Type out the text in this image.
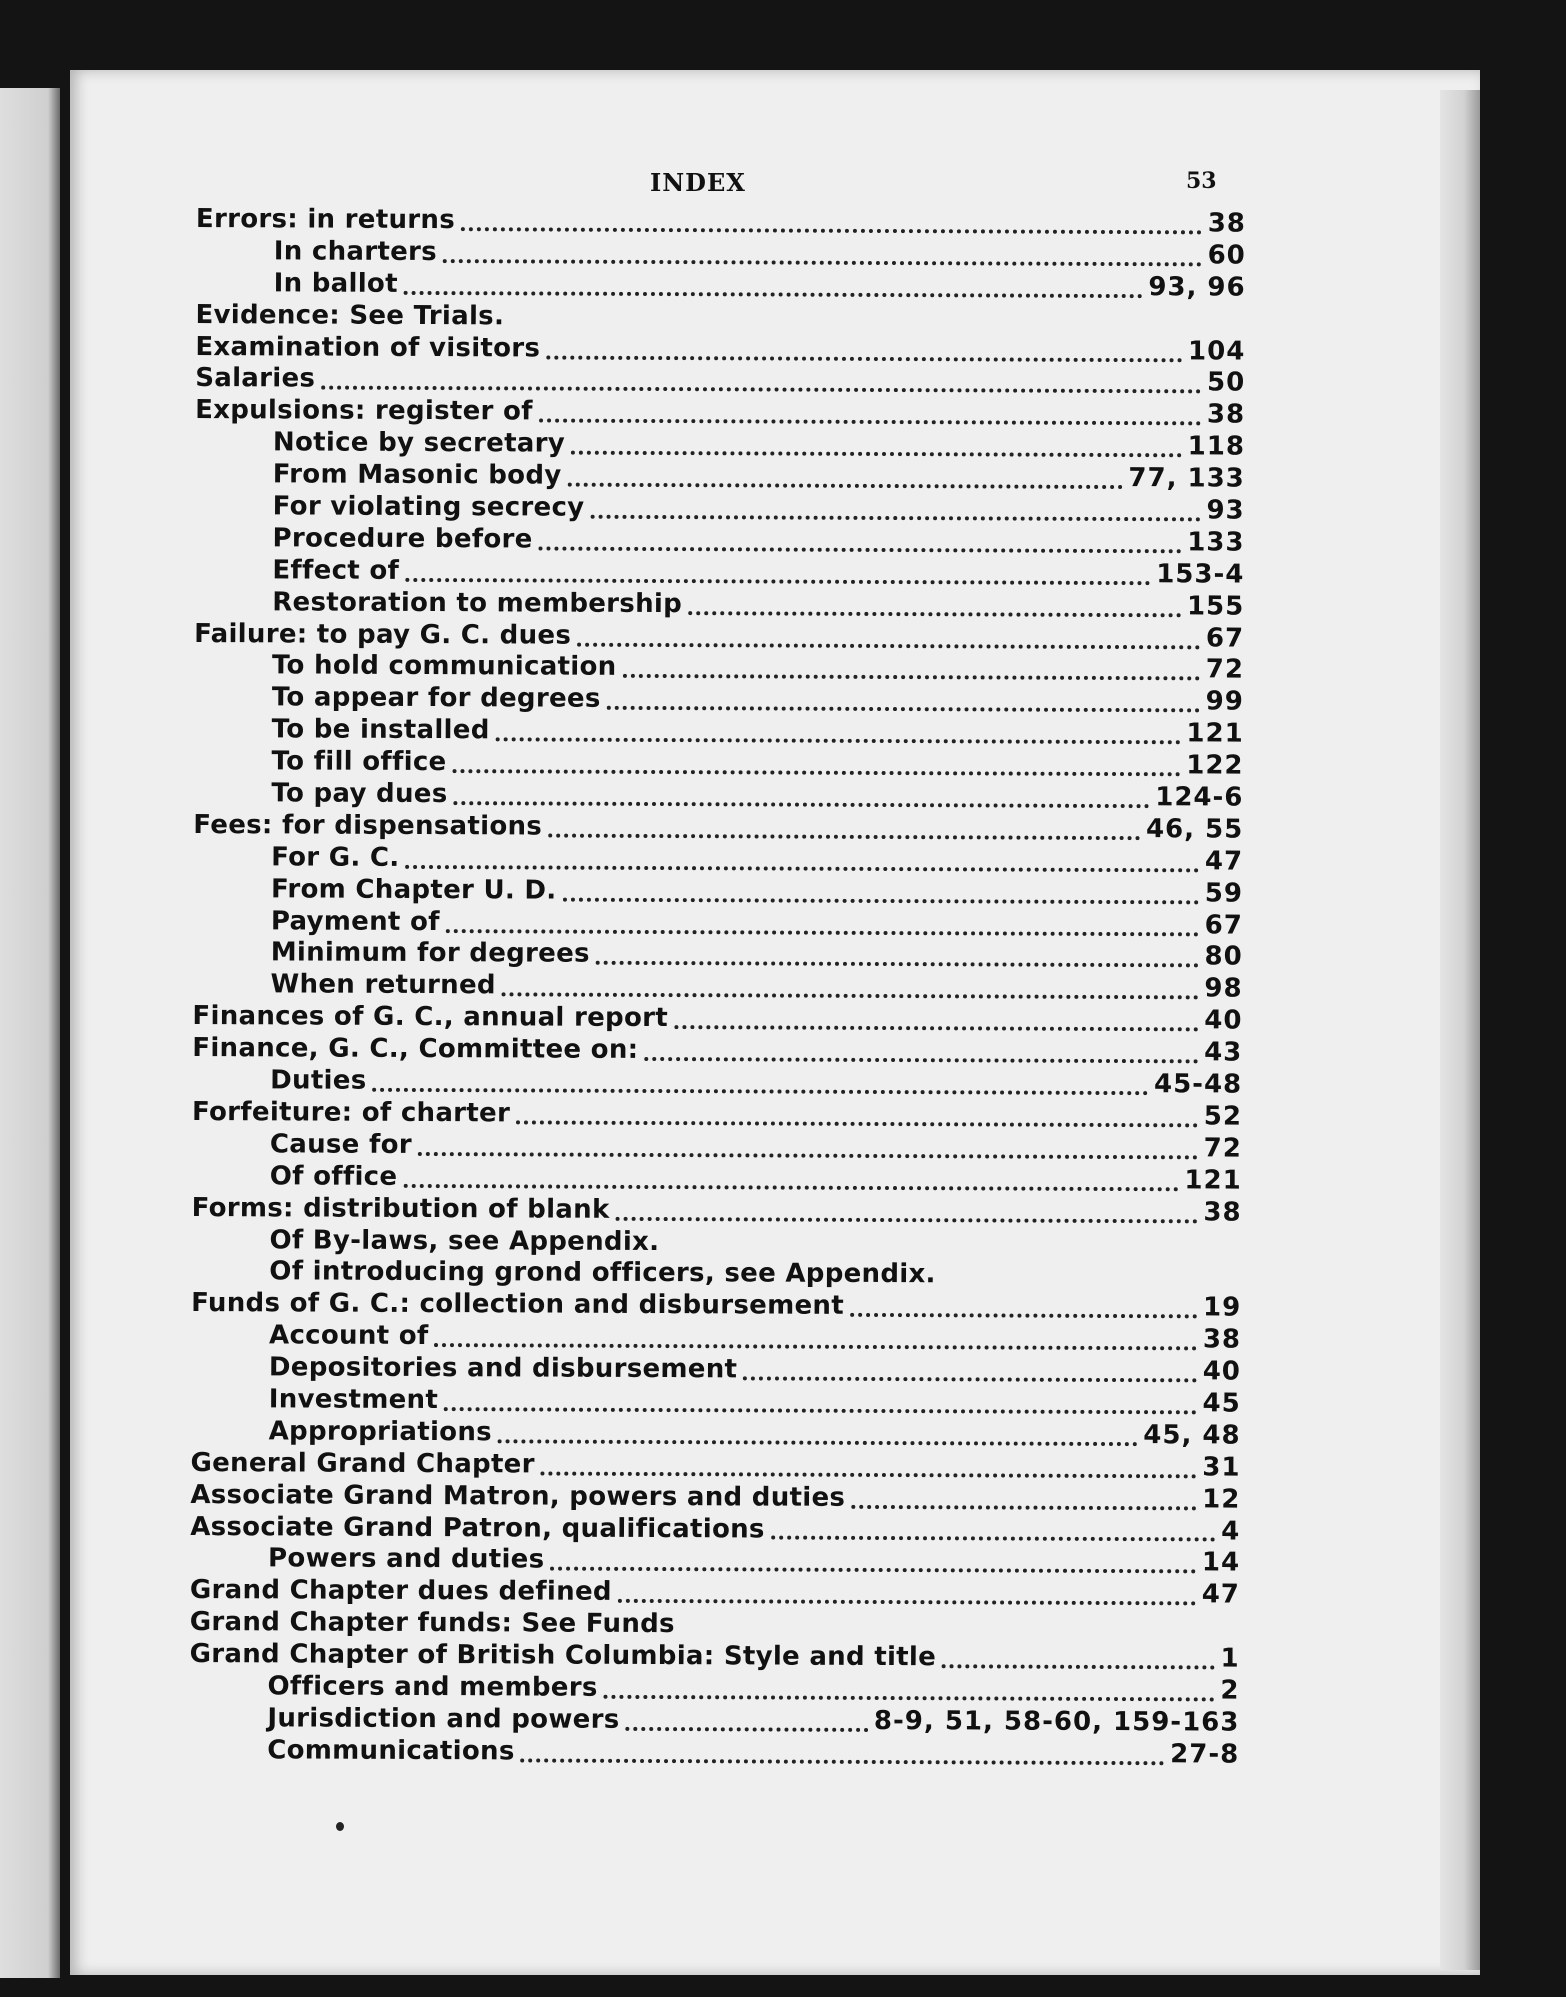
INDEX	53
Errors: in returns	38
In charters	60
In ballot	93, 96
Evidence: See Trials.
Examination of visitors	104
Salaries	50
Expulsions: register of	38
Notice by secretary	118
From Masonic body	77, 133
For violating secrecy	93
Procedure before	133
Effect of	153-4
Restoration to membership	155
Failure: to pay G. C. dues	67
To hold communication	72
To appear for degrees	99
To be installed	121
To fill office	122
To pay dues	124-6
Fees: for dispensations	46, 55
For G. C.	47
From Chapter U. D.	59
Payment of	67
Minimum for degrees	80
When returned	98
Finances of G. C., annual report	40
Finance, G. C., Committee on:	43
Duties	45-48
Forfeiture: of charter	52
Cause for	72
Of office	121
Forms: distribution of blank	38
Of By-laws, see Appendix.
Of introducing grond officers, see Appendix.
Funds of G. C.: collection and disbursement	19
Account of	38
Depositories and disbursement	40
Investment	45
Appropriations	45, 48
General Grand Chapter	31
Associate Grand Matron, powers and duties	12
Associate Grand Patron, qualifications	4
Powers and duties	14
Grand Chapter dues defined	47
Grand Chapter funds: See Funds
Grand Chapter of British Columbia: Style and title	1
Officers and members	2
Jurisdiction and powers	8-9, 51, 58-60, 159-163
Communications	27-8
